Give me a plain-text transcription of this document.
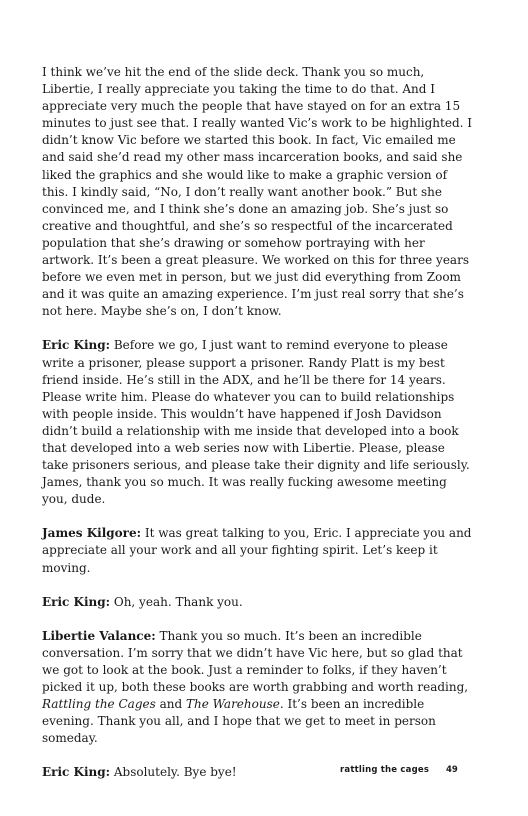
I think we’ve hit the end of the slide deck. Thank you so much, Libertie, I really appreciate you taking the time to do that. And I appreciate very much the people that have stayed on for an extra 15 minutes to just see that. I really wanted Vic’s work to be highlighted. I didn’t know Vic before we started this book. In fact, Vic emailed me and said she’d read my other mass incarceration books, and said she liked the graphics and she would like to make a graphic version of this. I kindly said, “No, I don’t really want another book.” But she convinced me, and I think she’s done an amazing job. She’s just so creative and thoughtful, and she’s so respectful of the incarcerated population that she’s drawing or somehow portraying with her artwork. It’s been a great pleasure. We worked on this for three years before we even met in person, but we just did everything from Zoom and it was quite an amazing experience. I’m just real sorry that she’s not here. Maybe she’s on, I don’t know.

Eric King: Before we go, I just want to remind everyone to please write a prisoner, please support a prisoner. Randy Platt is my best friend inside. He’s still in the ADX, and he’ll be there for 14 years. Please write him. Please do whatever you can to build relationships with people inside. This wouldn’t have happened if Josh Davidson didn’t build a relationship with me inside that developed into a book that developed into a web series now with Libertie. Please, please take prisoners serious, and please take their dignity and life seriously. James, thank you so much. It was really fucking awesome meeting you, dude.

James Kilgore: It was great talking to you, Eric. I appreciate you and appreciate all your work and all your fighting spirit. Let’s keep it moving.

Eric King: Oh, yeah. Thank you.

Libertie Valance: Thank you so much. It’s been an incredible conversation. I’m sorry that we didn’t have Vic here, but so glad that we got to look at the book. Just a reminder to folks, if they haven’t picked it up, both these books are worth grabbing and worth reading, Rattling the Cages and The Warehouse. It’s been an incredible evening. Thank you all, and I hope that we get to meet in person someday.

Eric King: Absolutely. Bye bye!	rattling the cages 49
